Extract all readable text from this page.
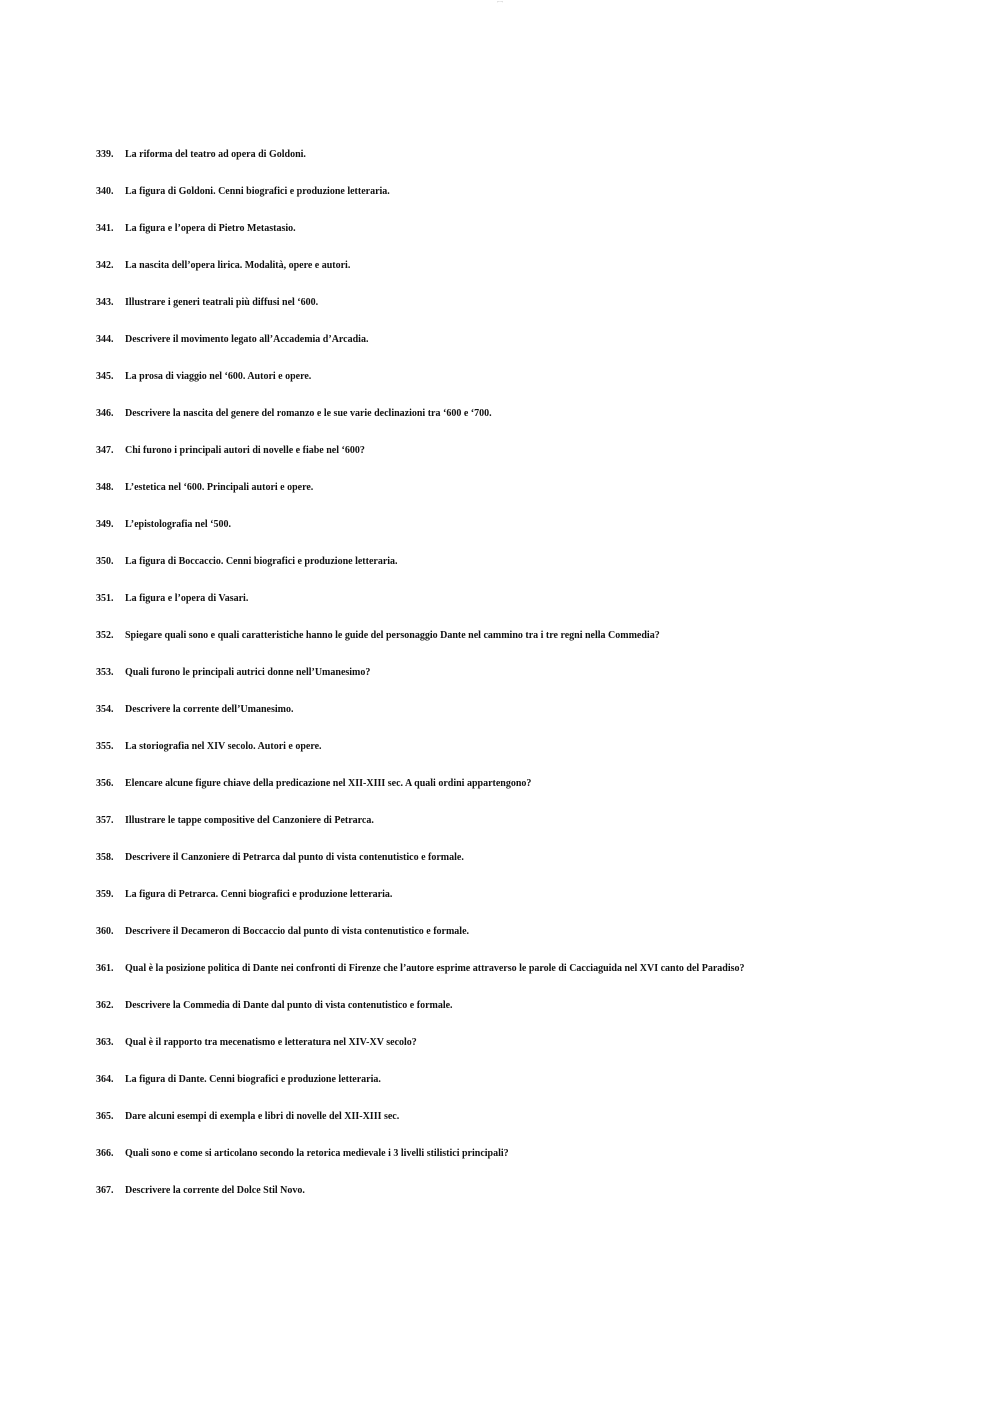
⌐¬
339.	La riforma del teatro ad opera di Goldoni.
340.	La figura di Goldoni. Cenni biografici e produzione letteraria.
341.	La figura e l’opera di Pietro Metastasio.
342.	La nascita dell’opera lirica. Modalità, opere e autori.
343.	Illustrare i generi teatrali più diffusi nel ‘600.
344.	Descrivere il movimento legato all’Accademia d’Arcadia.
345.	La prosa di viaggio nel ‘600. Autori e opere.
346.	Descrivere la nascita del genere del romanzo e le sue varie declinazioni tra ‘600 e ‘700.
347.	Chi furono i principali autori di novelle e fiabe nel ‘600?
348.	L’estetica nel ‘600. Principali autori e opere.
349.	L’epistolografia nel ‘500.
350.	La figura di Boccaccio. Cenni biografici e produzione letteraria.
351.	La figura e l’opera di Vasari.
352.	Spiegare quali sono e quali caratteristiche hanno le guide del personaggio Dante nel cammino tra i tre regni nella Commedia?
353.	Quali furono le principali autrici donne nell’Umanesimo?
354.	Descrivere la corrente dell’Umanesimo.
355.	La storiografia nel XIV secolo. Autori e opere.
356.	Elencare alcune figure chiave della predicazione nel XII-XIII sec. A quali ordini appartengono?
357.	Illustrare le tappe compositive del Canzoniere di Petrarca.
358.	Descrivere il Canzoniere di Petrarca dal punto di vista contenutistico e formale.
359.	La figura di Petrarca. Cenni biografici e produzione letteraria.
360.	Descrivere il Decameron di Boccaccio dal punto di vista contenutistico e formale.
361.	Qual è la posizione politica di Dante nei confronti di Firenze che l’autore esprime attraverso le parole di Cacciaguida nel XVI canto del Paradiso?
362.	Descrivere la Commedia di Dante dal punto di vista contenutistico e formale.
363.	Qual è il rapporto tra mecenatismo e letteratura nel XIV-XV secolo?
364.	La figura di Dante. Cenni biografici e produzione letteraria.
365.	Dare alcuni esempi di exempla e libri di novelle del XII-XIII sec.
366.	Quali sono e come si articolano secondo la retorica medievale i 3 livelli stilistici principali?
367.	Descrivere la corrente del Dolce Stil Novo.
